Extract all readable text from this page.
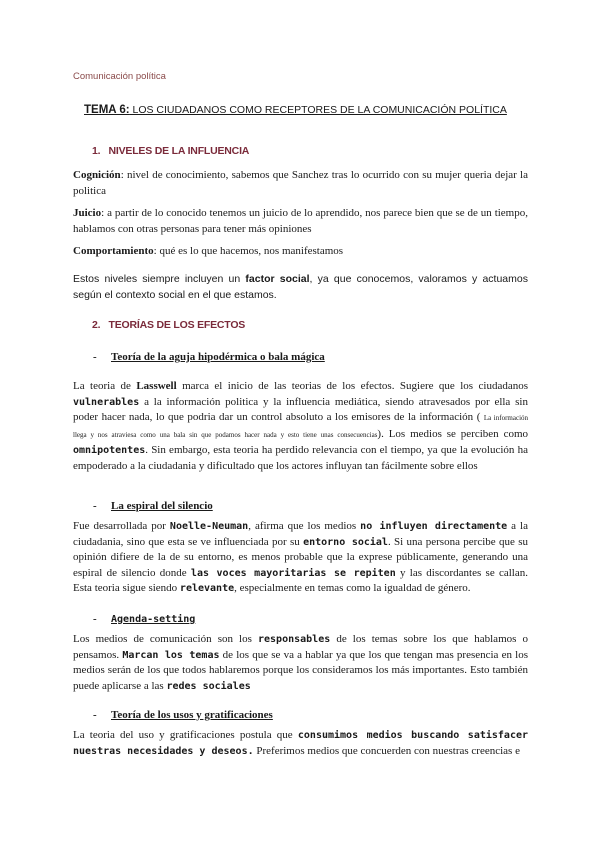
Comunicación política
TEMA 6: LOS CIUDADANOS COMO RECEPTORES DE LA COMUNICACIÓN POLÍTICA
1. NIVELES DE LA INFLUENCIA
Cognición: nivel de conocimiento, sabemos que Sanchez tras lo ocurrido con su mujer queria dejar la politica
Juicio: a partir de lo conocido tenemos un juicio de lo aprendido, nos parece bien que se de un tiempo, hablamos con otras personas para tener más opiniones
Comportamiento: qué es lo que hacemos, nos manifestamos
Estos niveles siempre incluyen un factor social, ya que conocemos, valoramos y actuamos según el contexto social en el que estamos.
2. TEORÍAS DE LOS EFECTOS
- Teoría de la aguja hipodérmica o bala mágica
La teoria de Lasswell marca el inicio de las teorias de los efectos. Sugiere que los ciudadanos vulnerables a la información politica y la influencia mediática, siendo atravesados por ella sin poder hacer nada, lo que podria dar un control absoluto a los emisores de la información ( La información llega y nos atraviesa como una bala sin que podamos hacer nada y esto tiene unas consecuencias). Los medios se perciben como omnipotentes. Sin embargo, esta teoria ha perdido relevancia con el tiempo, ya que la evolución ha empoderado a la ciudadania y dificultado que los actores influyan tan fácilmente sobre ellos
- La espiral del silencio
Fue desarrollada por Noelle-Neuman, afirma que los medios no influyen directamente a la ciudadania, sino que esta se ve influenciada por su entorno social. Si una persona percibe que su opinión difiere de la de su entorno, es menos probable que la exprese públicamente, generando una espiral de silencio donde las voces mayoritarias se repiten y las discordantes se callan. Esta teoria sigue siendo relevante, especialmente en temas como la igualdad de género.
- Agenda-setting
Los medios de comunicación son los responsables de los temas sobre los que hablamos o pensamos. Marcan los temas de los que se va a hablar ya que los que tengan mas presencia en los medios serán de los que todos hablaremos porque los consideramos los más importantes. Esto también puede aplicarse a las redes sociales
- Teoría de los usos y gratificaciones
La teoria del uso y gratificaciones postula que consumimos medios buscando satisfacer nuestras necesidades y deseos. Preferimos medios que concuerden con nuestras creencias e
